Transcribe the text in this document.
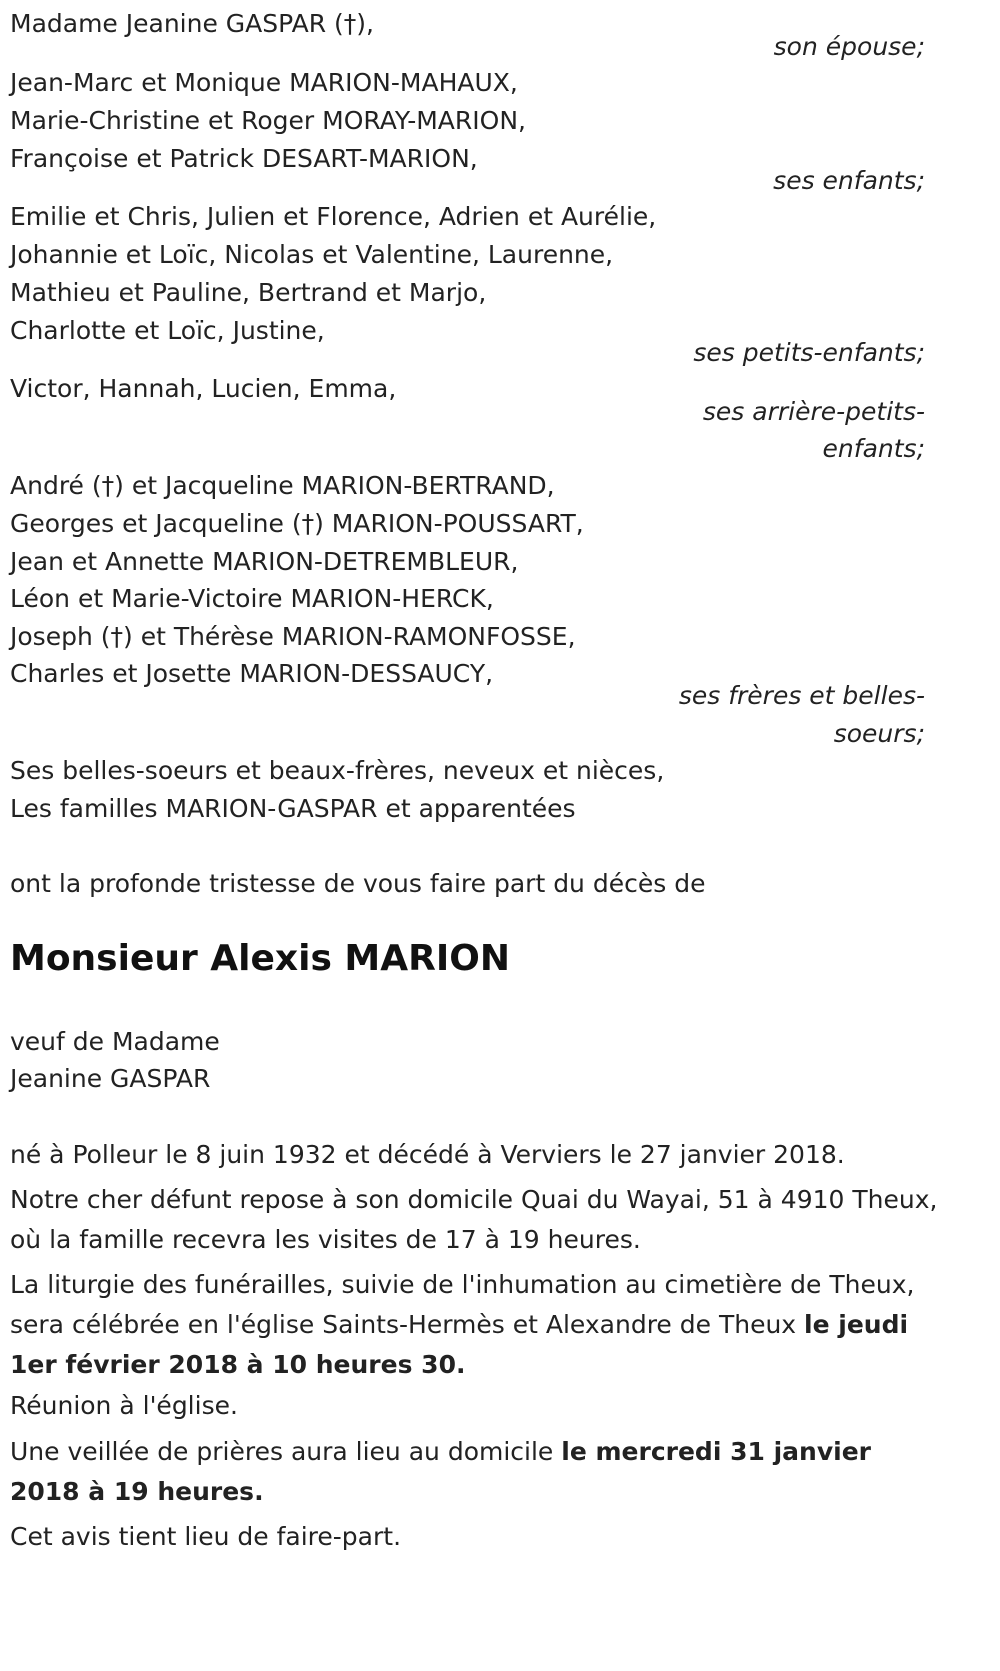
Madame Jeanine GASPAR (†),
son épouse;
Jean-Marc et Monique MARION-MAHAUX,
Marie-Christine et Roger MORAY-MARION,
Françoise et Patrick DESART-MARION,
ses enfants;
Emilie et Chris, Julien et Florence, Adrien et Aurélie,
Johannie et Loïc, Nicolas et Valentine, Laurenne,
Mathieu et Pauline, Bertrand et Marjo,
Charlotte et Loïc, Justine,
ses petits-enfants;
Victor, Hannah, Lucien, Emma,
ses arrière-petits-
enfants;
André (†) et Jacqueline MARION-BERTRAND,
Georges et Jacqueline (†) MARION-POUSSART,
Jean et Annette MARION-DETREMBLEUR,
Léon et Marie-Victoire MARION-HERCK,
Joseph (†) et Thérèse MARION-RAMONFOSSE,
Charles et Josette MARION-DESSAUCY,
ses frères et belles-
soeurs;
Ses belles-soeurs et beaux-frères, neveux et nièces,
Les familles MARION-GASPAR et apparentées
ont la profonde tristesse de vous faire part du décès de
Monsieur Alexis MARION
veuf de Madame
Jeanine GASPAR
né à Polleur le 8 juin 1932 et décédé à Verviers le 27 janvier 2018.
Notre cher défunt repose à son domicile Quai du Wayai, 51 à 4910 Theux, où la famille recevra les visites de 17 à 19 heures.
La liturgie des funérailles, suivie de l'inhumation au cimetière de Theux, sera célébrée en l'église Saints-Hermès et Alexandre de Theux le jeudi 1er février 2018 à 10 heures 30.
Réunion à l'église.
Une veillée de prières aura lieu au domicile le mercredi 31 janvier 2018 à 19 heures.
Cet avis tient lieu de faire-part.
